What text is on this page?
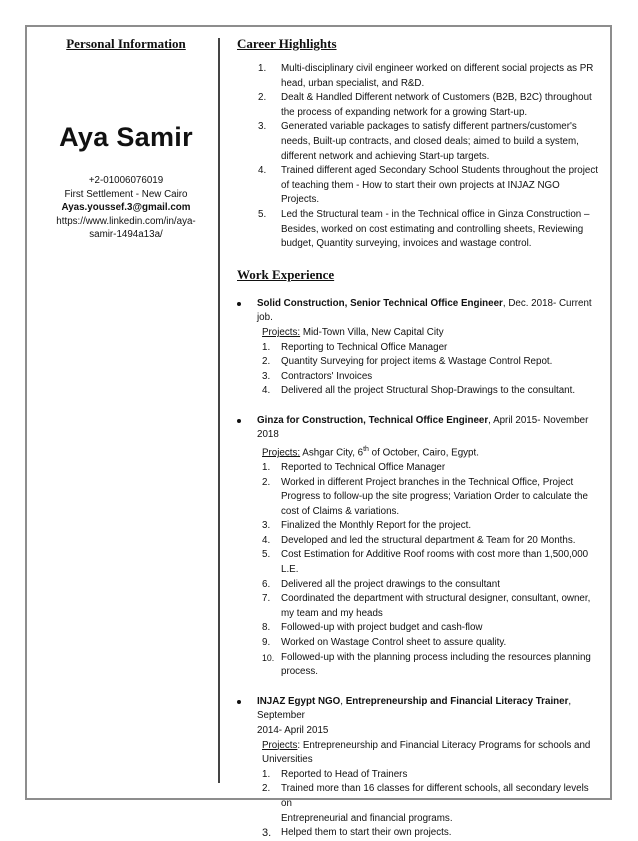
Personal Information
Aya Samir
+2-01006076019
First Settlement - New Cairo
Ayas.youssef.3@gmail.com
https://www.linkedin.com/in/aya-
samir-1494a13a/
Career Highlights
1. Multi-disciplinary civil engineer worked on different social projects as PR
head, urban specialist, and R&D.
2. Dealt & Handled Different network of Customers (B2B, B2C) throughout
the process of expanding network for a growing Start-up.
3. Generated variable packages to satisfy different partners/customer's
needs, Built-up contracts, and closed deals; aimed to build a system,
different network and achieving Start-up targets.
4. Trained different aged Secondary School Students throughout the project
of teaching them - How to start their own projects at INJAZ NGO Projects.
5. Led the Structural team - in the Technical office in Ginza Construction –
Besides, worked on cost estimating and controlling sheets, Reviewing
budget, Quantity surveying, invoices and wastage control.
Work Experience
Solid Construction, Senior Technical Office Engineer, Dec. 2018- Current job.
Projects: Mid-Town Villa, New Capital City
1. Reporting to Technical Office Manager
2. Quantity Surveying for project items & Wastage Control Repot.
3. Contractors' Invoices
4. Delivered all the project Structural Shop-Drawings to the consultant.
Ginza for Construction, Technical Office Engineer, April 2015- November 2018
Projects: Ashgar City, 6th of October, Cairo, Egypt.
1. Reported to Technical Office Manager
2. Worked in different Project branches in the Technical Office, Project
Progress to follow-up the site progress; Variation Order to calculate the
cost of Claims & variations.
3. Finalized the Monthly Report for the project.
4. Developed and led the structural department & Team for 20 Months.
5. Cost Estimation for Additive Roof rooms with cost more than 1,500,000 L.E.
6. Delivered all the project drawings to the consultant
7. Coordinated the department with structural designer, consultant, owner,
my team and my heads
8. Followed-up with project budget and cash-flow
9. Worked on Wastage Control sheet to assure quality.
10. Followed-up with the planning process including the resources planning
process.
INJAZ Egypt NGO, Entrepreneurship and Financial Literacy Trainer, September
2014- April 2015
Projects: Entrepreneurship and Financial Literacy Programs for schools and
Universities
1. Reported to Head of Trainers
2. Trained more than 16 classes for different schools, all secondary levels on
Entrepreneurial and financial programs.
3. Helped them to start their own projects.
